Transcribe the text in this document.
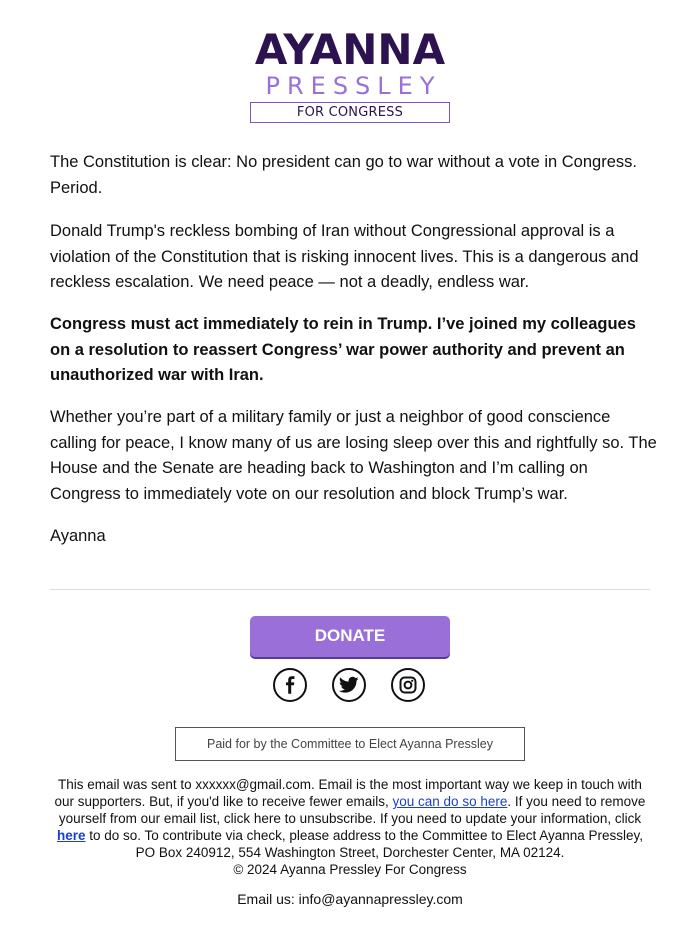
AYANNA
PRESSLEY
FOR CONGRESS

The Constitution is clear: No president can go to war without a vote in Congress. Period.

Donald Trump's reckless bombing of Iran without Congressional approval is a violation of the Constitution that is risking innocent lives. This is a dangerous and reckless escalation. We need peace — not a deadly, endless war.

Congress must act immediately to rein in Trump. I’ve joined my colleagues on a resolution to reassert Congress’ war power authority and prevent an unauthorized war with Iran.

Whether you’re part of a military family or just a neighbor of good conscience calling for peace, I know many of us are losing sleep over this and rightfully so. The House and the Senate are heading back to Washington and I’m calling on Congress to immediately vote on our resolution and block Trump’s war.

Ayanna

DONATE
Paid for by the Committee to Elect Ayanna Pressley
This email was sent to xxxxxx@gmail.com. Email is the most important way we keep in touch with our supporters. But, if you'd like to receive fewer emails, you can do so here. If you need to remove yourself from our email list, click here to unsubscribe. If you need to update your information, click here to do so. To contribute via check, please address to the Committee to Elect Ayanna Pressley, PO Box 240912, 554 Washington Street, Dorchester Center, MA 02124.
© 2024 Ayanna Pressley For Congress
Email us: info@ayannapressley.com
